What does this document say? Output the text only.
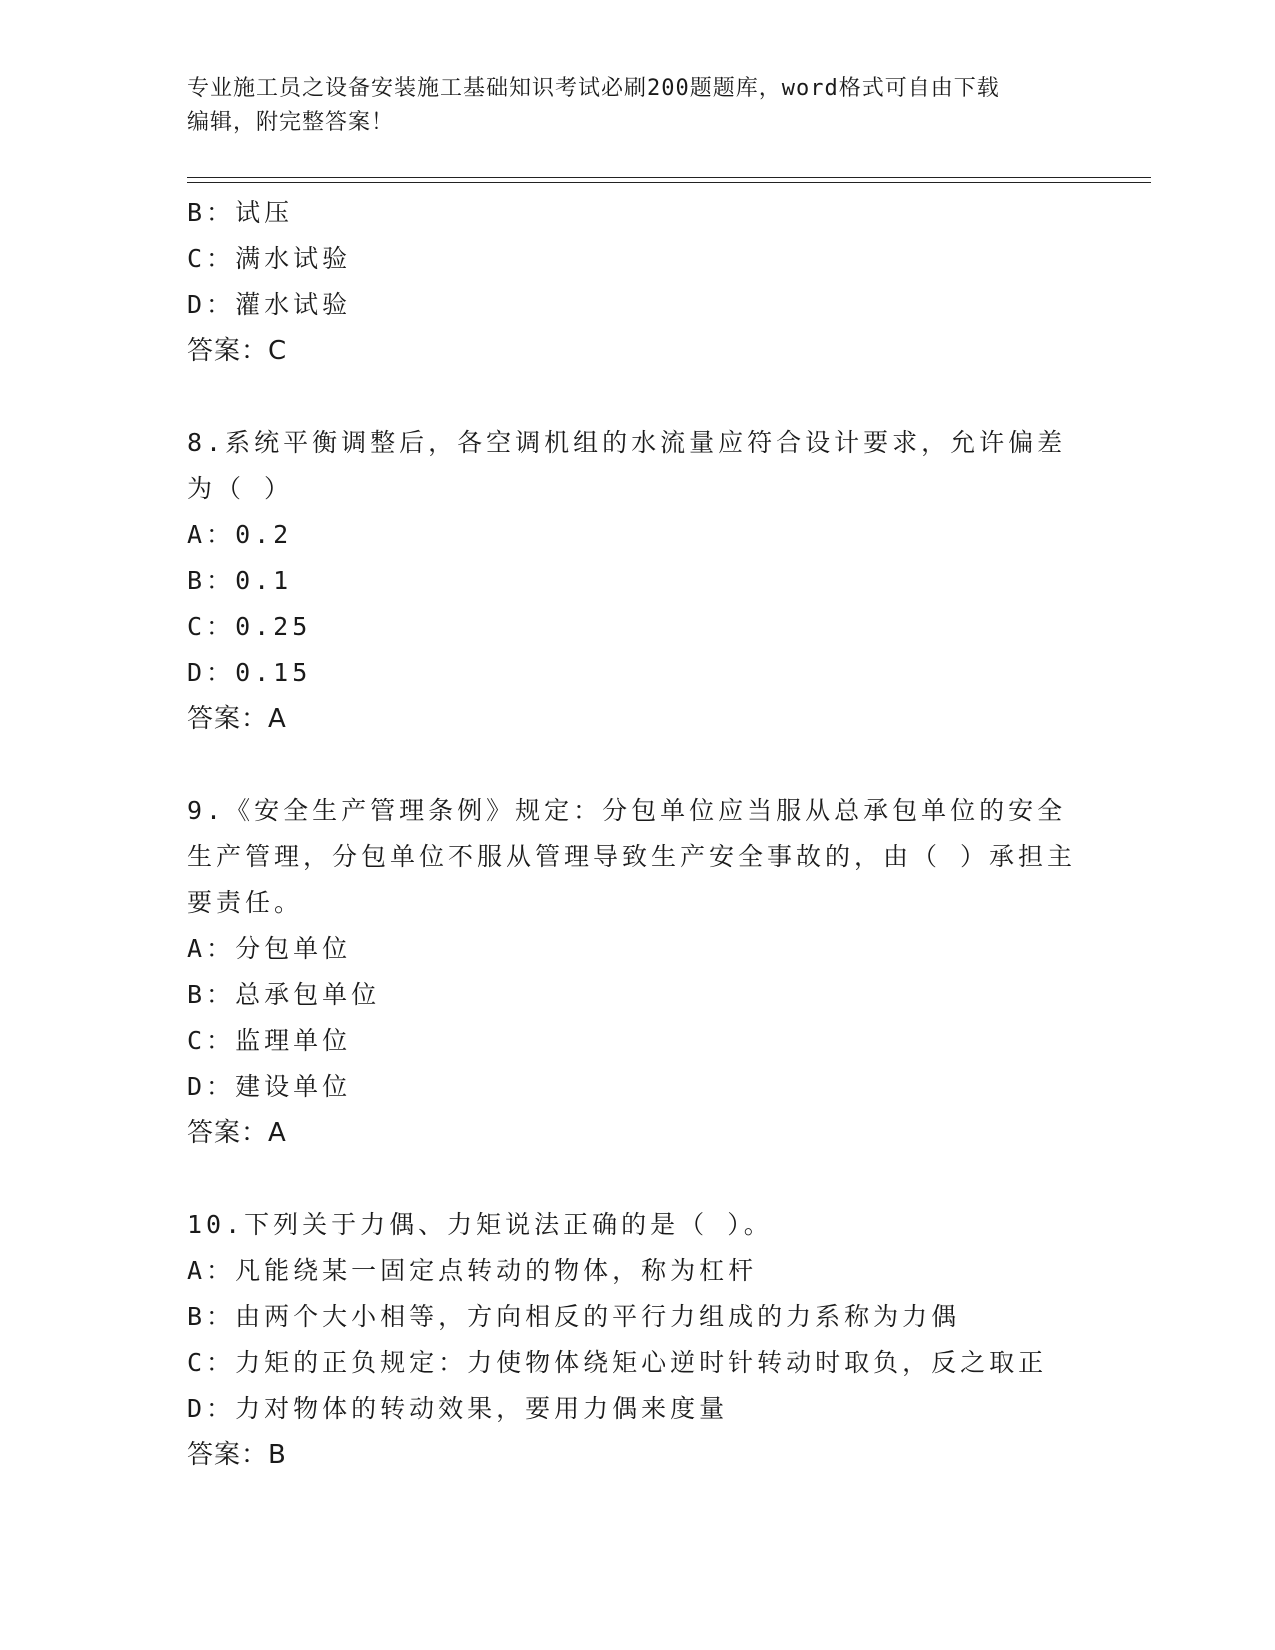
专业施工员之设备安装施工基础知识考试必刷200题题库，word格式可自由下载
编辑，附完整答案！
B：试压
C：满水试验
D：灌水试验
答案：C
8.系统平衡调整后，各空调机组的水流量应符合设计要求，允许偏差
为（ ）
A：0.2
B：0.1
C：0.25
D：0.15
答案：A
9.《安全生产管理条例》规定：分包单位应当服从总承包单位的安全
生产管理，分包单位不服从管理导致生产安全事故的，由（ ）承担主
要责任。
A：分包单位
B：总承包单位
C：监理单位
D：建设单位
答案：A
10.下列关于力偶、力矩说法正确的是（ ）。
A：凡能绕某一固定点转动的物体，称为杠杆
B：由两个大小相等，方向相反的平行力组成的力系称为力偶
C：力矩的正负规定：力使物体绕矩心逆时针转动时取负，反之取正
D：力对物体的转动效果，要用力偶来度量
答案：B
